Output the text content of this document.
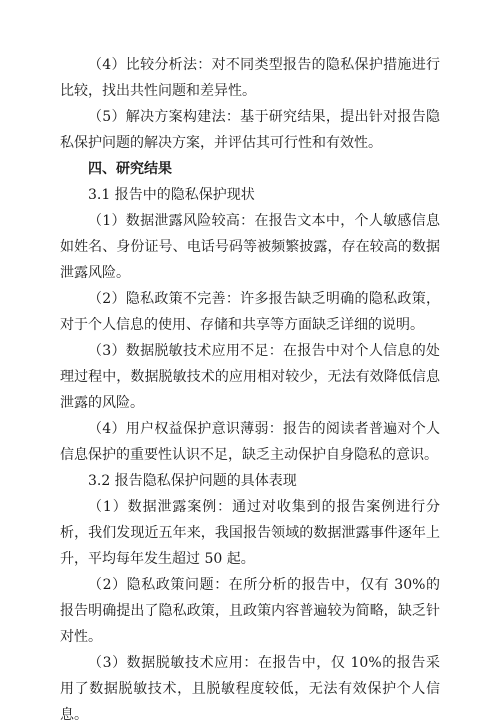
（4）比较分析法：对不同类型报告的隐私保护措施进行比较，找出共性问题和差异性。

（5）解决方案构建法：基于研究结果，提出针对报告隐私保护问题的解决方案，并评估其可行性和有效性。

四、研究结果

3.1 报告中的隐私保护现状

（1）数据泄露风险较高：在报告文本中，个人敏感信息如姓名、身份证号、电话号码等被频繁披露，存在较高的数据泄露风险。

（2）隐私政策不完善：许多报告缺乏明确的隐私政策，对于个人信息的使用、存储和共享等方面缺乏详细的说明。

（3）数据脱敏技术应用不足：在报告中对个人信息的处理过程中，数据脱敏技术的应用相对较少，无法有效降低信息泄露的风险。

（4）用户权益保护意识薄弱：报告的阅读者普遍对个人信息保护的重要性认识不足，缺乏主动保护自身隐私的意识。

3.2 报告隐私保护问题的具体表现

（1）数据泄露案例：通过对收集到的报告案例进行分析，我们发现近五年来，我国报告领域的数据泄露事件逐年上升，平均每年发生超过 50 起。

（2）隐私政策问题：在所分析的报告中，仅有 30%的报告明确提出了隐私政策，且政策内容普遍较为简略，缺乏针对性。

（3）数据脱敏技术应用：在报告中，仅 10%的报告采用了数据脱敏技术，且脱敏程度较低，无法有效保护个人信息。
